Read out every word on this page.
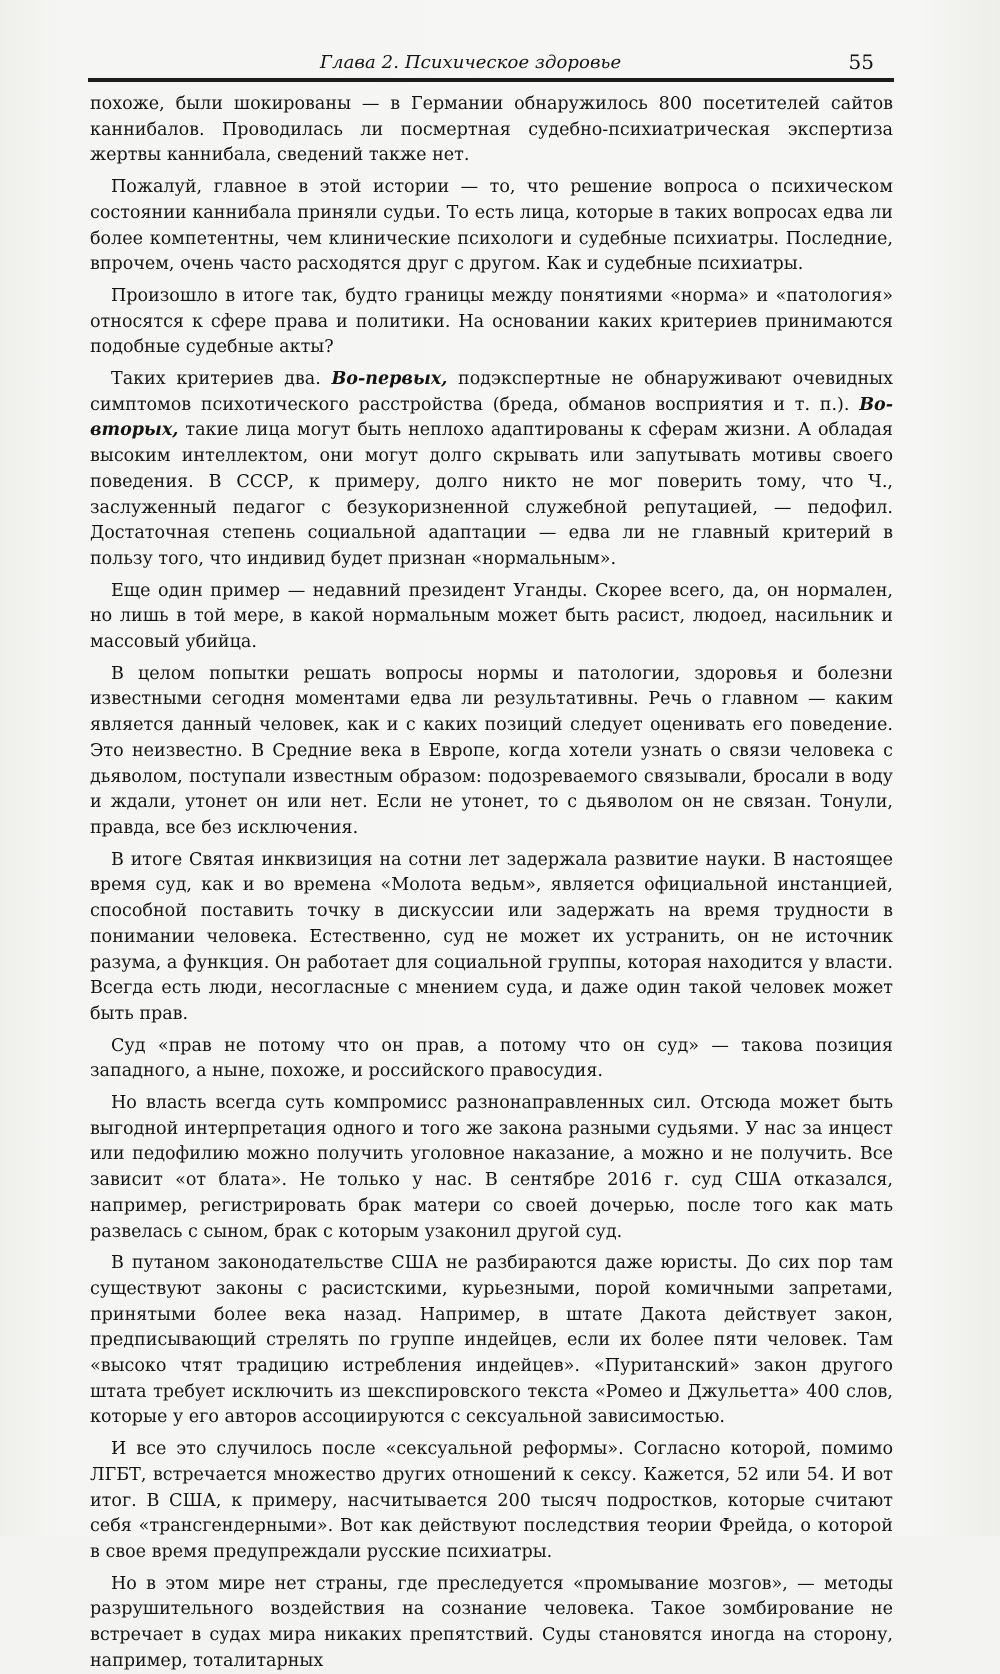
Глава 2. Психическое здоровье	55

похоже, были шокированы — в Германии обнаружилось 800 посетителей сайтов каннибалов. Проводилась ли посмертная судебно-психиатрическая экспертиза жертвы каннибала, сведений также нет.

Пожалуй, главное в этой истории — то, что решение вопроса о психическом состоянии каннибала приняли судьи. То есть лица, которые в таких вопросах едва ли более компетентны, чем клинические психологи и судебные психиатры. Последние, впрочем, очень часто расходятся друг с другом. Как и судебные психиатры.

Произошло в итоге так, будто границы между понятиями «норма» и «патология» относятся к сфере права и политики. На основании каких критериев принимаются подобные судебные акты?

Таких критериев два. Во-первых, подэкспертные не обнаруживают очевидных симптомов психотического расстройства (бреда, обманов восприятия и т. п.). Во-вторых, такие лица могут быть неплохо адаптированы к сферам жизни. А обладая высоким интеллектом, они могут долго скрывать или запутывать мотивы своего поведения. В СССР, к примеру, долго никто не мог поверить тому, что Ч., заслуженный педагог с безукоризненной служебной репутацией, — педофил. Достаточная степень социальной адаптации — едва ли не главный критерий в пользу того, что индивид будет признан «нормальным».

Еще один пример — недавний президент Уганды. Скорее всего, да, он нормален, но лишь в той мере, в какой нормальным может быть расист, людоед, насильник и массовый убийца.

В целом попытки решать вопросы нормы и патологии, здоровья и болезни известными сегодня моментами едва ли результативны. Речь о главном — каким является данный человек, как и с каких позиций следует оценивать его поведение. Это неизвестно. В Средние века в Европе, когда хотели узнать о связи человека с дьяволом, поступали известным образом: подозреваемого связывали, бросали в воду и ждали, утонет он или нет. Если не утонет, то с дьяволом он не связан. Тонули, правда, все без исключения.

В итоге Святая инквизиция на сотни лет задержала развитие науки. В настоящее время суд, как и во времена «Молота ведьм», является официальной инстанцией, способной поставить точку в дискуссии или задержать на время трудности в понимании человека. Естественно, суд не может их устранить, он не источник разума, а функция. Он работает для социальной группы, которая находится у власти. Всегда есть люди, несогласные с мнением суда, и даже один такой человек может быть прав.

Суд «прав не потому что он прав, а потому что он суд» — такова позиция западного, а ныне, похоже, и российского правосудия.

Но власть всегда суть компромисс разнонаправленных сил. Отсюда может быть выгодной интерпретация одного и того же закона разными судьями. У нас за инцест или педофилию можно получить уголовное наказание, а можно и не получить. Все зависит «от блата». Не только у нас. В сентябре 2016 г. суд США отказался, например, регистрировать брак матери со своей дочерью, после того как мать развелась с сыном, брак с которым узаконил другой суд.

В путаном законодательстве США не разбираются даже юристы. До сих пор там существуют законы с расистскими, курьезными, порой комичными запретами, принятыми более века назад. Например, в штате Дакота действует закон, предписывающий стрелять по группе индейцев, если их более пяти человек. Там «высоко чтят традицию истребления индейцев». «Пуританский» закон другого штата требует исключить из шекспировского текста «Ромео и Джульетта» 400 слов, которые у его авторов ассоциируются с сексуальной зависимостью.

И все это случилось после «сексуальной реформы». Согласно которой, помимо ЛГБТ, встречается множество других отношений к сексу. Кажется, 52 или 54. И вот итог. В США, к примеру, насчитывается 200 тысяч подростков, которые считают себя «трансгендерными». Вот как действуют последствия теории Фрейда, о которой в свое время предупреждали русские психиатры.

Но в этом мире нет страны, где преследуется «промывание мозгов», — методы разрушительного воздействия на сознание человека. Такое зомбирование не встречает в судах мира никаких препятствий. Суды становятся иногда на сторону, например, тоталитарных
